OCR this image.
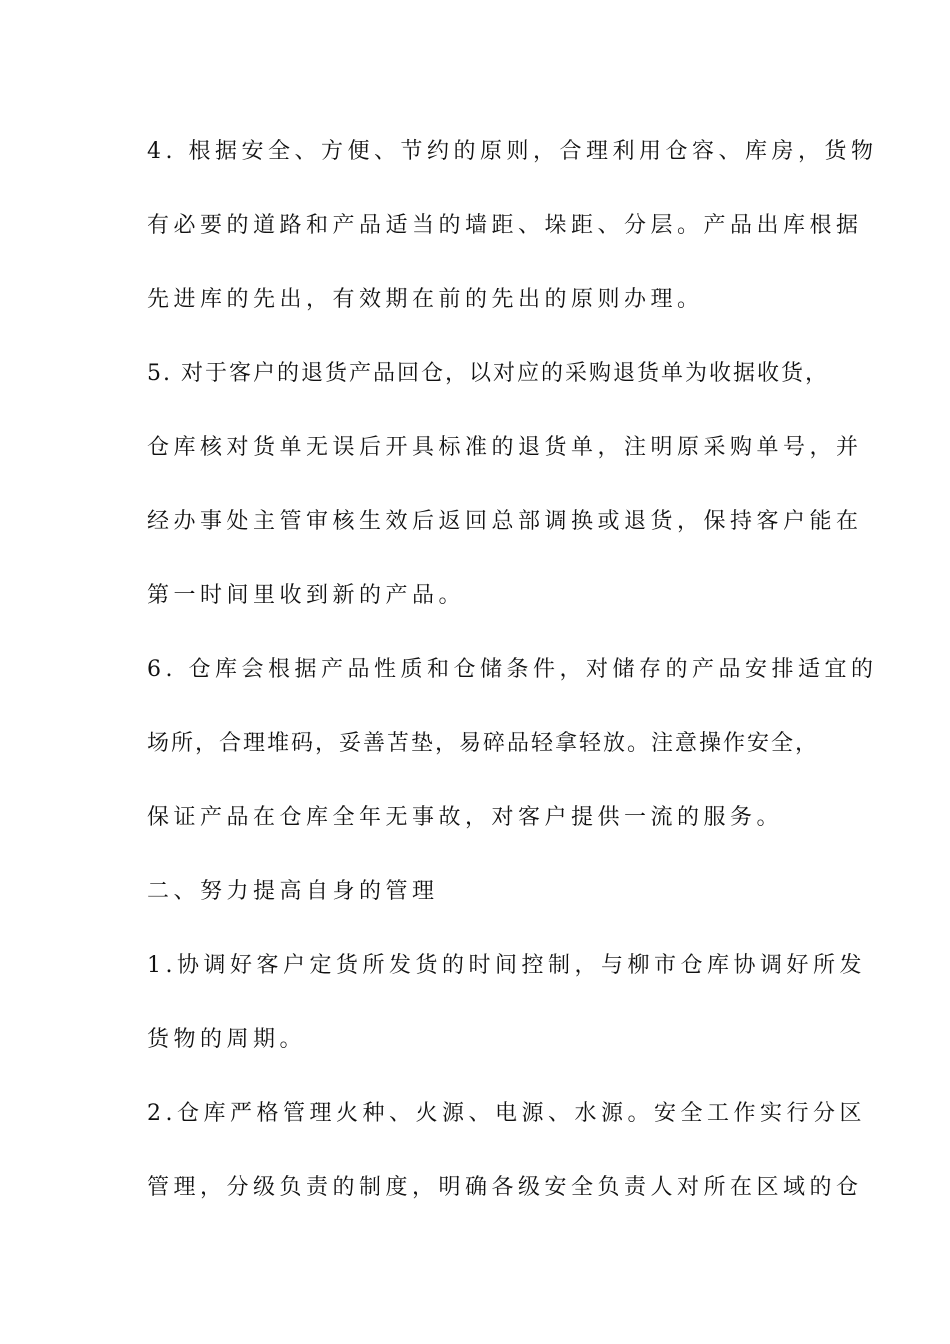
4. 根据安全、方便、节约的原则，合理利用仓容、库房，货物
有必要的道路和产品适当的墙距、垛距、分层。产品出库根据
先进库的先出，有效期在前的先出的原则办理。
5. 对于客户的退货产品回仓，以对应的采购退货单为收据收货，
仓库核对货单无误后开具标准的退货单，注明原采购单号，并
经办事处主管审核生效后返回总部调换或退货，保持客户能在
第一时间里收到新的产品。
6. 仓库会根据产品性质和仓储条件，对储存的产品安排适宜的
场所，合理堆码，妥善苫垫，易碎品轻拿轻放。注意操作安全，
保证产品在仓库全年无事故，对客户提供一流的服务。
二、努力提高自身的管理
1.协调好客户定货所发货的时间控制，与柳市仓库协调好所发
货物的周期。
2.仓库严格管理火种、火源、电源、水源。安全工作实行分区
管理，分级负责的制度，明确各级安全负责人对所在区域的仓
